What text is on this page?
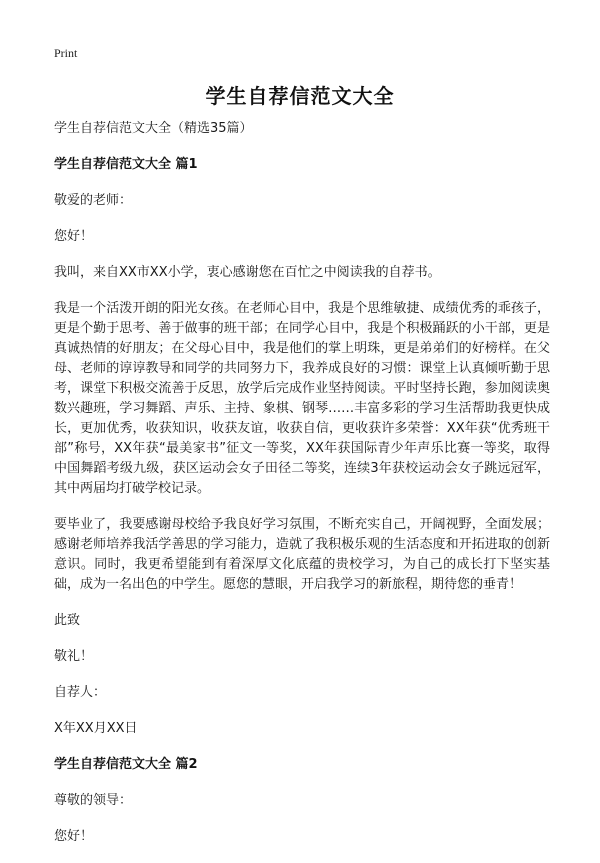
Print
学生自荐信范文大全

学生自荐信范文大全（精选35篇）

学生自荐信范文大全 篇1

敬爱的老师：

您好！

我叫，来自XX市XX小学，衷心感谢您在百忙之中阅读我的自荐书。

我是一个活泼开朗的阳光女孩。在老师心目中，我是个思维敏捷、成绩优秀的乖孩子，更是个勤于思考、善于做事的班干部；在同学心目中，我是个积极踊跃的小干部，更是真诚热情的好朋友；在父母心目中，我是他们的掌上明珠，更是弟弟们的好榜样。在父母、老师的谆谆教导和同学的共同努力下，我养成良好的习惯：课堂上认真倾听勤于思考，课堂下积极交流善于反思，放学后完成作业坚持阅读。平时坚持长跑，参加阅读奥数兴趣班，学习舞蹈、声乐、主持、象棋、钢琴……丰富多彩的学习生活帮助我更快成长，更加优秀，收获知识，收获友谊，收获自信，更收获许多荣誉：XX年获“优秀班干部”称号，XX年获“最美家书”征文一等奖，XX年获国际青少年声乐比赛一等奖，取得中国舞蹈考级九级，获区运动会女子田径二等奖，连续3年获校运动会女子跳远冠军，其中两届均打破学校记录。

要毕业了，我要感谢母校给予我良好学习氛围，不断充实自己，开阔视野，全面发展；感谢老师培养我活学善思的学习能力，造就了我积极乐观的生活态度和开拓进取的创新意识。同时，我更希望能到有着深厚文化底蕴的贵校学习，为自己的成长打下坚实基础，成为一名出色的中学生。愿您的慧眼，开启我学习的新旅程，期待您的垂青！

此致

敬礼！

自荐人：

X年XX月XX日

学生自荐信范文大全 篇2

尊敬的领导：

您好！
